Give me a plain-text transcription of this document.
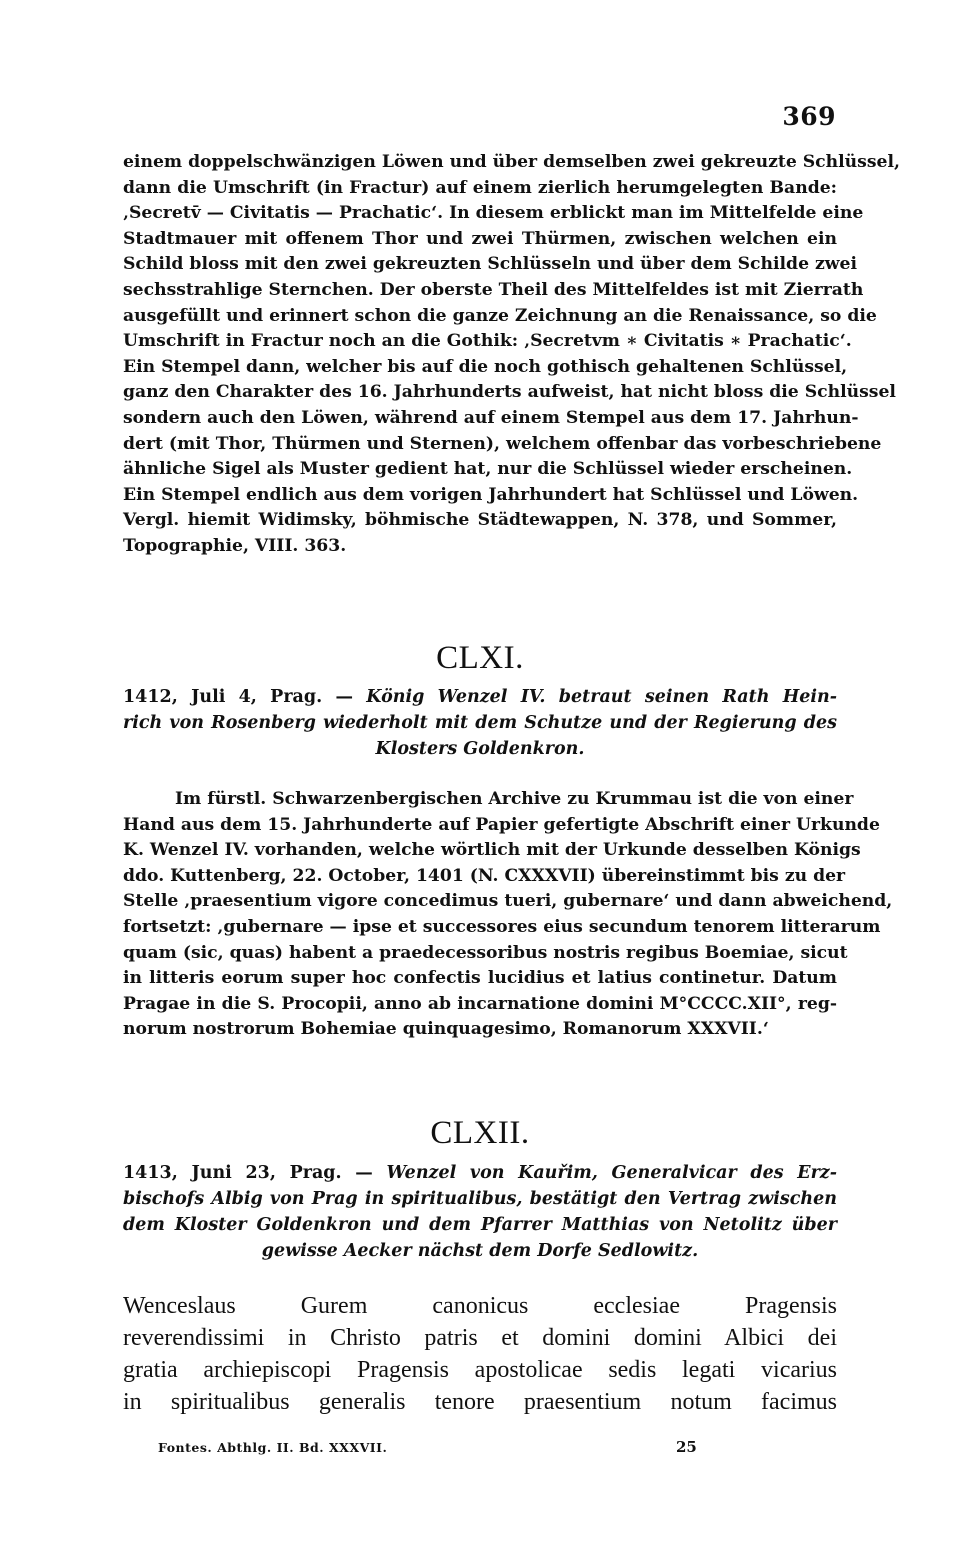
369
einem doppelschwänzigen Löwen und über demselben zwei gekreuzte Schlüssel,
dann die Umschrift (in Fractur) auf einem zierlich herumgelegten Bande:
‚Secretv̄ — Civitatis — Prachatic‘. In diesem erblickt man im Mittelfelde eine
Stadtmauer mit offenem Thor und zwei Thürmen, zwischen welchen ein
Schild bloss mit den zwei gekreuzten Schlüsseln und über dem Schilde zwei
sechsstrahlige Sternchen. Der oberste Theil des Mittelfeldes ist mit Zierrath
ausgefüllt und erinnert schon die ganze Zeichnung an die Renaissance, so die
Umschrift in Fractur noch an die Gothik: ‚Secretvm ∗ Civitatis ∗ Prachatic‘.
Ein Stempel dann, welcher bis auf die noch gothisch gehaltenen Schlüssel,
ganz den Charakter des 16. Jahrhunderts aufweist, hat nicht bloss die Schlüssel
sondern auch den Löwen, während auf einem Stempel aus dem 17. Jahrhun-
dert (mit Thor, Thürmen und Sternen), welchem offenbar das vorbeschriebene
ähnliche Sigel als Muster gedient hat, nur die Schlüssel wieder erscheinen.
Ein Stempel endlich aus dem vorigen Jahrhundert hat Schlüssel und Löwen.
Vergl. hiemit Widimsky, böhmische Städtewappen, N. 378, und Sommer,
Topographie, VIII. 363.
CLXI.
1412, Juli 4, Prag. — König Wenzel IV. betraut seinen Rath Hein-
rich von Rosenberg wiederholt mit dem Schutze und der Regierung des
Klosters Goldenkron.
Im fürstl. Schwarzenbergischen Archive zu Krummau ist die von einer
Hand aus dem 15. Jahrhunderte auf Papier gefertigte Abschrift einer Urkunde
K. Wenzel IV. vorhanden, welche wörtlich mit der Urkunde desselben Königs
ddo. Kuttenberg, 22. October, 1401 (N. CXXXVII) übereinstimmt bis zu der
Stelle ‚praesentium vigore concedimus tueri, gubernare‘ und dann abweichend,
fortsetzt: ‚gubernare — ipse et successores eius secundum tenorem litterarum
quam (sic, quas) habent a praedecessoribus nostris regibus Boemiae, sicut
in litteris eorum super hoc confectis lucidius et latius continetur. Datum
Pragae in die S. Procopii, anno ab incarnatione domini M°CCCC.XII°, reg-
norum nostrorum Bohemiae quinquagesimo, Romanorum XXXVII.‘
CLXII.
1413, Juni 23, Prag. — Wenzel von Kauřim, Generalvicar des Erz-
bischofs Albig von Prag in spiritualibus, bestätigt den Vertrag zwischen
dem Kloster Goldenkron und dem Pfarrer Matthias von Netolitz über
gewisse Aecker nächst dem Dorfe Sedlowitz.
Wenceslaus Gurem canonicus ecclesiae Pragensis
reverendissimi in Christo patris et domini domini Albici dei
gratia archiepiscopi Pragensis apostolicae sedis legati vicarius
in spiritualibus generalis tenore praesentium notum facimus
Fontes. Abthlg. II. Bd. XXXVII.	25
